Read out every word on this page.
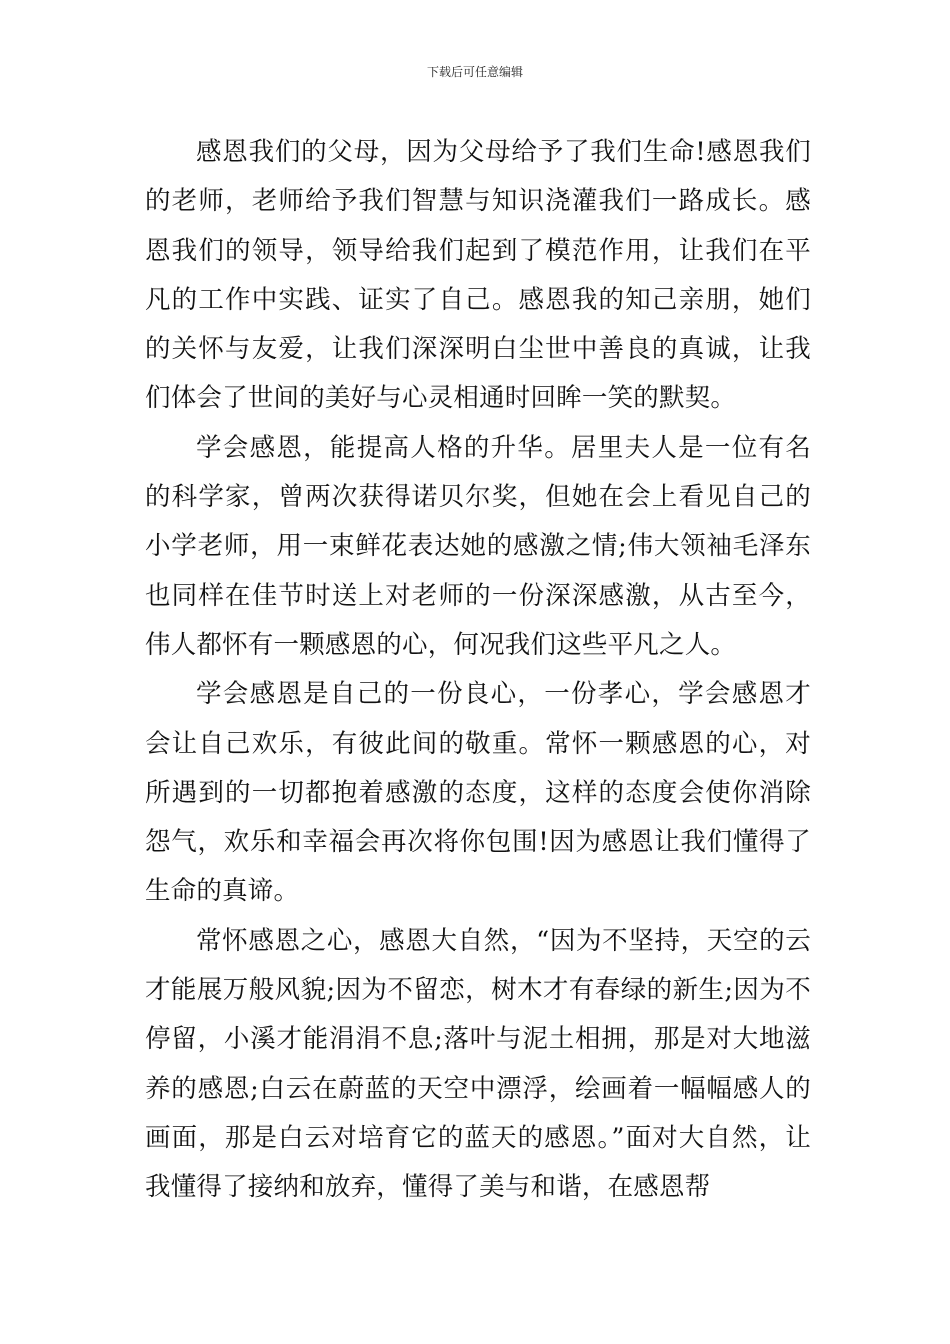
下载后可任意编辑

感恩我们的父母，因为父母给予了我们生命!感恩我们的老师，老师给予我们智慧与知识浇灌我们一路成长。感恩我们的领导，领导给我们起到了模范作用，让我们在平凡的工作中实践、证实了自己。感恩我的知己亲朋，她们的关怀与友爱，让我们深深明白尘世中善良的真诚，让我们体会了世间的美好与心灵相通时回眸一笑的默契。

学会感恩，能提高人格的升华。居里夫人是一位有名的科学家，曾两次获得诺贝尔奖，但她在会上看见自己的小学老师，用一束鲜花表达她的感激之情;伟大领袖毛泽东也同样在佳节时送上对老师的一份深深感激，从古至今，伟人都怀有一颗感恩的心，何况我们这些平凡之人。

学会感恩是自己的一份良心，一份孝心，学会感恩才会让自己欢乐，有彼此间的敬重。常怀一颗感恩的心，对所遇到的一切都抱着感激的态度，这样的态度会使你消除怨气，欢乐和幸福会再次将你包围!因为感恩让我们懂得了生命的真谛。

常怀感恩之心，感恩大自然，“因为不坚持，天空的云才能展万般风貌;因为不留恋，树木才有春绿的新生;因为不停留，小溪才能涓涓不息;落叶与泥土相拥，那是对大地滋养的感恩;白云在蔚蓝的天空中漂浮，绘画着一幅幅感人的画面，那是白云对培育它的蓝天的感恩。”面对大自然，让我懂得了接纳和放弃，懂得了美与和谐，在感恩帮
